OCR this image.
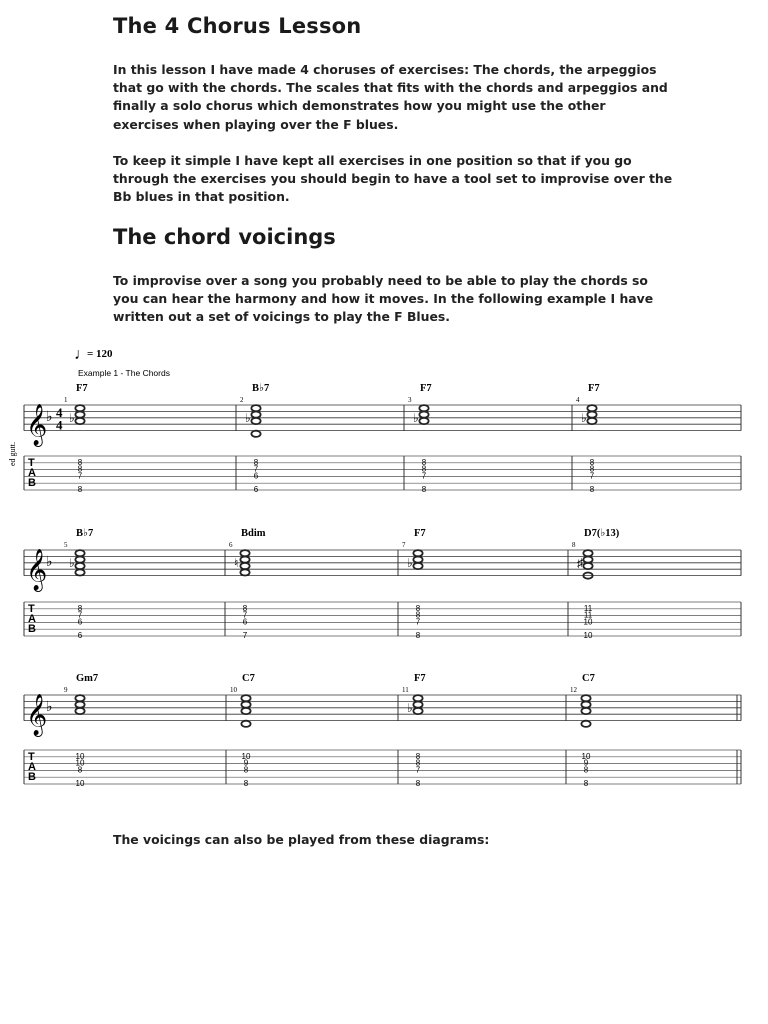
The 4 Chorus Lesson

In this lesson I have made 4 choruses of exercises: The chords, the arpeggios that go with the chords. The scales that fits with the chords and arpeggios and finally a solo chorus which demonstrates how you might use the other exercises when playing over the F blues.

To keep it simple I have kept all exercises in one position so that if you go through the exercises you should begin to have a tool set to improvise over the Bb blues in that position.

The chord voicings

To improvise over a song you probably need to be able to play the chords so you can hear the harmony and how it moves. In the following example I have written out a set of voicings to play the F Blues.

♩
= 120
Example 1 - The Chords
ed gutt.
𝄞
♭ 4
4
T
A
B
1
F7
♭
8
8
7
8
2
B♭7
♭
8
7
6
6
3
F7
♭
8
8
7
8
4
F7
♭
8
8
7
8
𝄞
♭
T
A
B
5
B♭7
♭
8
7
6
6
6
Bdim
♮
8
7
6
7
7
F7
♭
8
8
7
8
8
D7(♭13)
♯
11
11
10
10
𝄞
♭
T
A
B
9
Gm7
10
10
8
10
10
C7
10
9
8
8
11
F7
♭
8
8
7
8
12
C7
10
9
8
8

The voicings can also be played from these diagrams:
